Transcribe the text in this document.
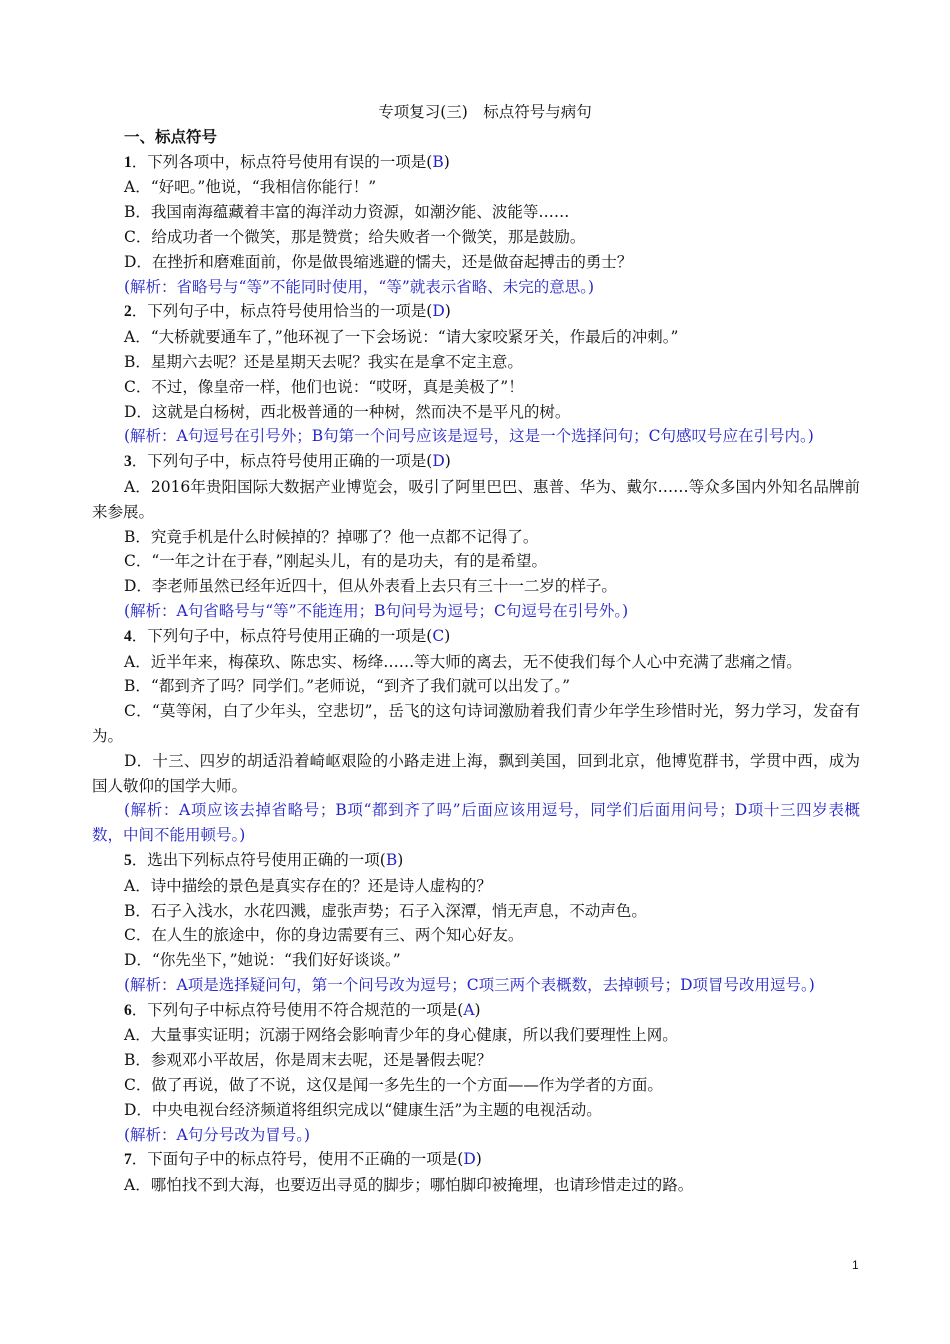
专项复习(三)　标点符号与病句
一、标点符号
1．下列各项中，标点符号使用有误的一项是(B)
A．“好吧。”他说，“我相信你能行！”
B．我国南海蕴藏着丰富的海洋动力资源，如潮汐能、波能等……
C．给成功者一个微笑，那是赞赏；给失败者一个微笑，那是鼓励。
D．在挫折和磨难面前，你是做畏缩逃避的懦夫，还是做奋起搏击的勇士？
(解析：省略号与“等”不能同时使用，“等”就表示省略、未完的意思。)
2．下列句子中，标点符号使用恰当的一项是(D)
A．“大桥就要通车了，”他环视了一下会场说：“请大家咬紧牙关，作最后的冲刺。”
B．星期六去呢？还是星期天去呢？我实在是拿不定主意。
C．不过，像皇帝一样，他们也说：“哎呀，真是美极了”！
D．这就是白杨树，西北极普通的一种树，然而决不是平凡的树。
(解析：A句逗号在引号外；B句第一个问号应该是逗号，这是一个选择问句；C句感叹号应在引号内。)
3．下列句子中，标点符号使用正确的一项是(D)
A．2016年贵阳国际大数据产业博览会，吸引了阿里巴巴、惠普、华为、戴尔……等众多国内外知名品牌前来参展。
B．究竟手机是什么时候掉的？掉哪了？他一点都不记得了。
C．“一年之计在于春，”刚起头儿，有的是功夫，有的是希望。
D．李老师虽然已经年近四十，但从外表看上去只有三十一二岁的样子。
(解析：A句省略号与“等”不能连用；B句问号为逗号；C句逗号在引号外。)
4．下列句子中，标点符号使用正确的一项是(C)
A．近半年来，梅葆玖、陈忠实、杨绛……等大师的离去，无不使我们每个人心中充满了悲痛之情。
B．“都到齐了吗？同学们。”老师说，“到齐了我们就可以出发了。”
C．“莫等闲，白了少年头，空悲切”，岳飞的这句诗词激励着我们青少年学生珍惜时光，努力学习，发奋有为。
D．十三、四岁的胡适沿着崎岖艰险的小路走进上海，飘到美国，回到北京，他博览群书，学贯中西，成为国人敬仰的国学大师。
(解析：A项应该去掉省略号；B项“都到齐了吗”后面应该用逗号，同学们后面用问号；D项十三四岁表概数，中间不能用顿号。)
5．选出下列标点符号使用正确的一项(B)
A．诗中描绘的景色是真实存在的？还是诗人虚构的？
B．石子入浅水，水花四溅，虚张声势；石子入深潭，悄无声息，不动声色。
C．在人生的旅途中，你的身边需要有三、两个知心好友。
D．“你先坐下，”她说：“我们好好谈谈。”
(解析：A项是选择疑问句，第一个问号改为逗号；C项三两个表概数，去掉顿号；D项冒号改用逗号。)
6．下列句子中标点符号使用不符合规范的一项是(A)
A．大量事实证明；沉溺于网络会影响青少年的身心健康，所以我们要理性上网。
B．参观邓小平故居，你是周末去呢，还是暑假去呢？
C．做了再说，做了不说，这仅是闻一多先生的一个方面——作为学者的方面。
D．中央电视台经济频道将组织完成以“健康生活”为主题的电视活动。
(解析：A句分号改为冒号。)
7．下面句子中的标点符号，使用不正确的一项是(D)
A．哪怕找不到大海，也要迈出寻觅的脚步；哪怕脚印被掩埋，也请珍惜走过的路。
1
